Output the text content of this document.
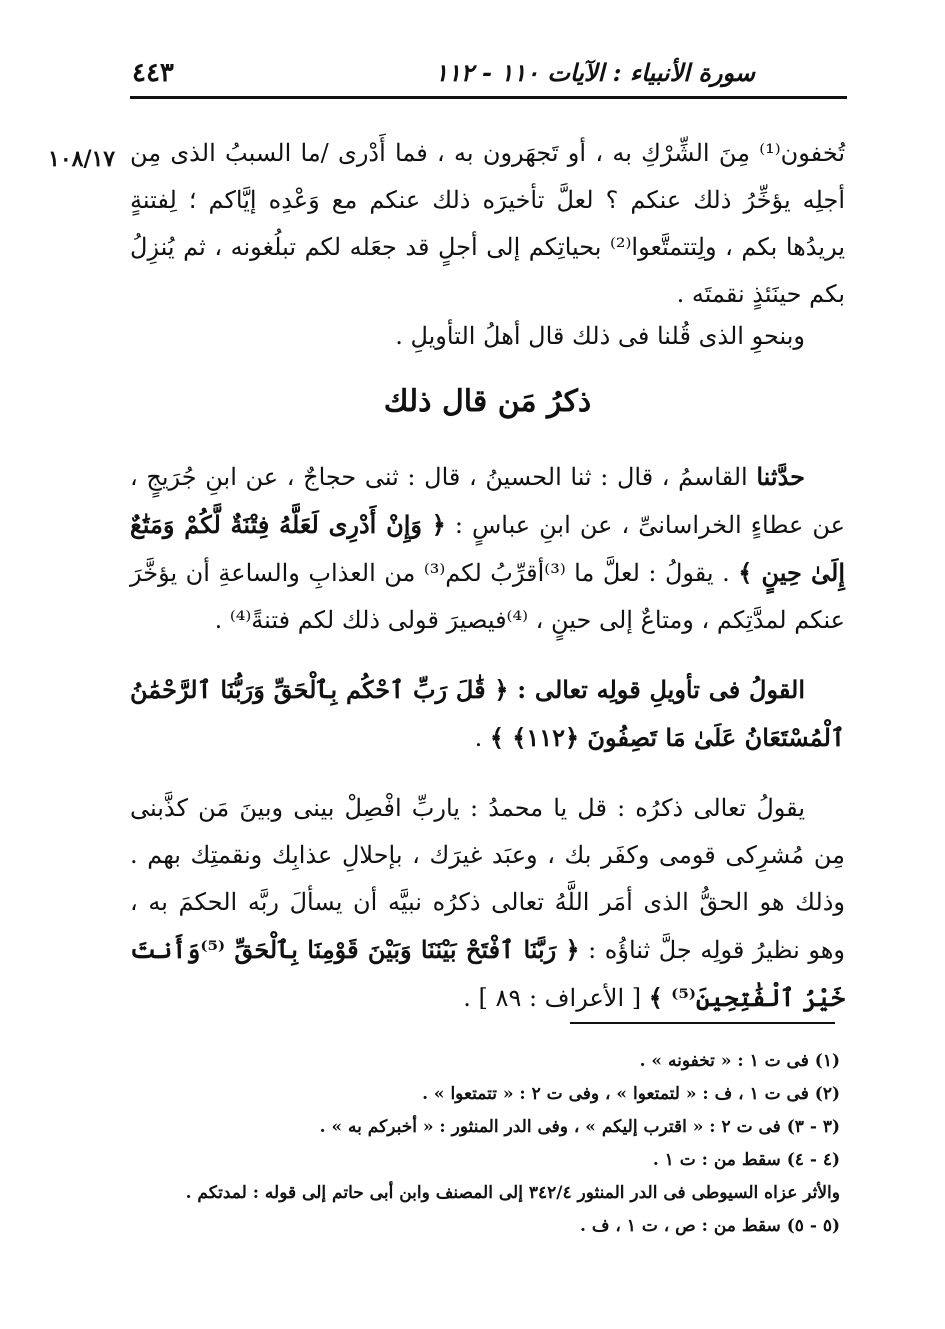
٤٤٣	سورة الأنبياء : الآيات ١١٠ - ١١٢
١٠٨/١٧ تُخفون⁽¹⁾ مِنَ الشِّرْكِ به ، أو تَجهَرون به ، فما أَدْرى /ما السببُ الذى مِن أجلِه يؤخِّرُ ذلك عنكم ؟ لعلَّ تأخيرَه ذلك عنكم مع وَعْدِه إيَّاكم ؛ لِفتنةٍ يريدُها بكم ، ولِتتمتَّعوا⁽²⁾ بحياتِكم إلى أجلٍ قد جعَله لكم تبلُغونه ، ثم يُنزِلُ بكم حينَئذٍ نقمتَه .
وبنحوِ الذى قُلنا فى ذلك قال أهلُ التأويلِ .
ذكرُ مَن قال ذلك
حدَّثنا القاسمُ ، قال : ثنا الحسينُ ، قال : ثنى حجاجٌ ، عن ابنِ جُرَيجٍ ، عن عطاءٍ الخراسانىِّ ، عن ابنِ عباسٍ : ﴿ وَإِنْ أَدْرِى لَعَلَّهُ فِتْنَةٌ لَّكُمْ وَمَتَٰعٌ إِلَىٰ حِينٍ ﴾ . يقولُ : لعلَّ ما ⁽³⁾أقرِّبُ لكم⁽³⁾ من العذابِ والساعةِ أن يؤخَّرَ عنكم لمدَّتِكم ، ومتاعٌ إلى حينٍ ، ⁽⁴⁾فيصيرَ قولى ذلك لكم فتنةً⁽⁴⁾ .
القولُ فى تأويلِ قولِه تعالى : ﴿ قَٰلَ رَبِّ ٱحْكُم بِٱلْحَقِّ وَرَبُّنَا ٱلرَّحْمَٰنُ ٱلْمُسْتَعَانُ عَلَىٰ مَا تَصِفُونَ ﴿١١٢﴾ ﴾ .
يقولُ تعالى ذكرُه : قل يا محمدُ : ياربِّ افْصِلْ بينى وبينَ مَن كذَّبنى مِن مُشرِكى قومى وكفَر بك ، وعبَد غيرَك ، بإحلالِ عذابِك ونقمتِك بهم . وذلك هو الحقُّ الذى أمَر اللَّهُ تعالى ذكرُه نبيَّه أن يسألَ ربَّه الحكمَ به ، وهو نظيرُ قولِه جلَّ ثناؤُه : ﴿ رَبَّنَا ٱفْتَحْ بَيْنَنَا وَبَيْنَ قَوْمِنَا بِٱلْحَقِّ ⁽⁵⁾وَأَنتَ خَيْرُ ٱلْفَٰتِحِينَ⁽⁵⁾ ﴾ [ الأعراف : ٨٩ ] .
(١) فى ت ١ : « تخفونه » .
(٢) فى ت ١ ، ف : « لتمتعوا » ، وفى ت ٢ : « تتمتعوا » .
(٣ - ٣) فى ت ٢ : « اقترب إليكم » ، وفى الدر المنثور : « أخبركم به » .
(٤ - ٤) سقط من : ت ١ .
والأثر عزاه السيوطى فى الدر المنثور ٣٤٢/٤ إلى المصنف وابن أبى حاتم إلى قوله : لمدتكم .
(٥ - ٥) سقط من : ص ، ت ١ ، ف .
